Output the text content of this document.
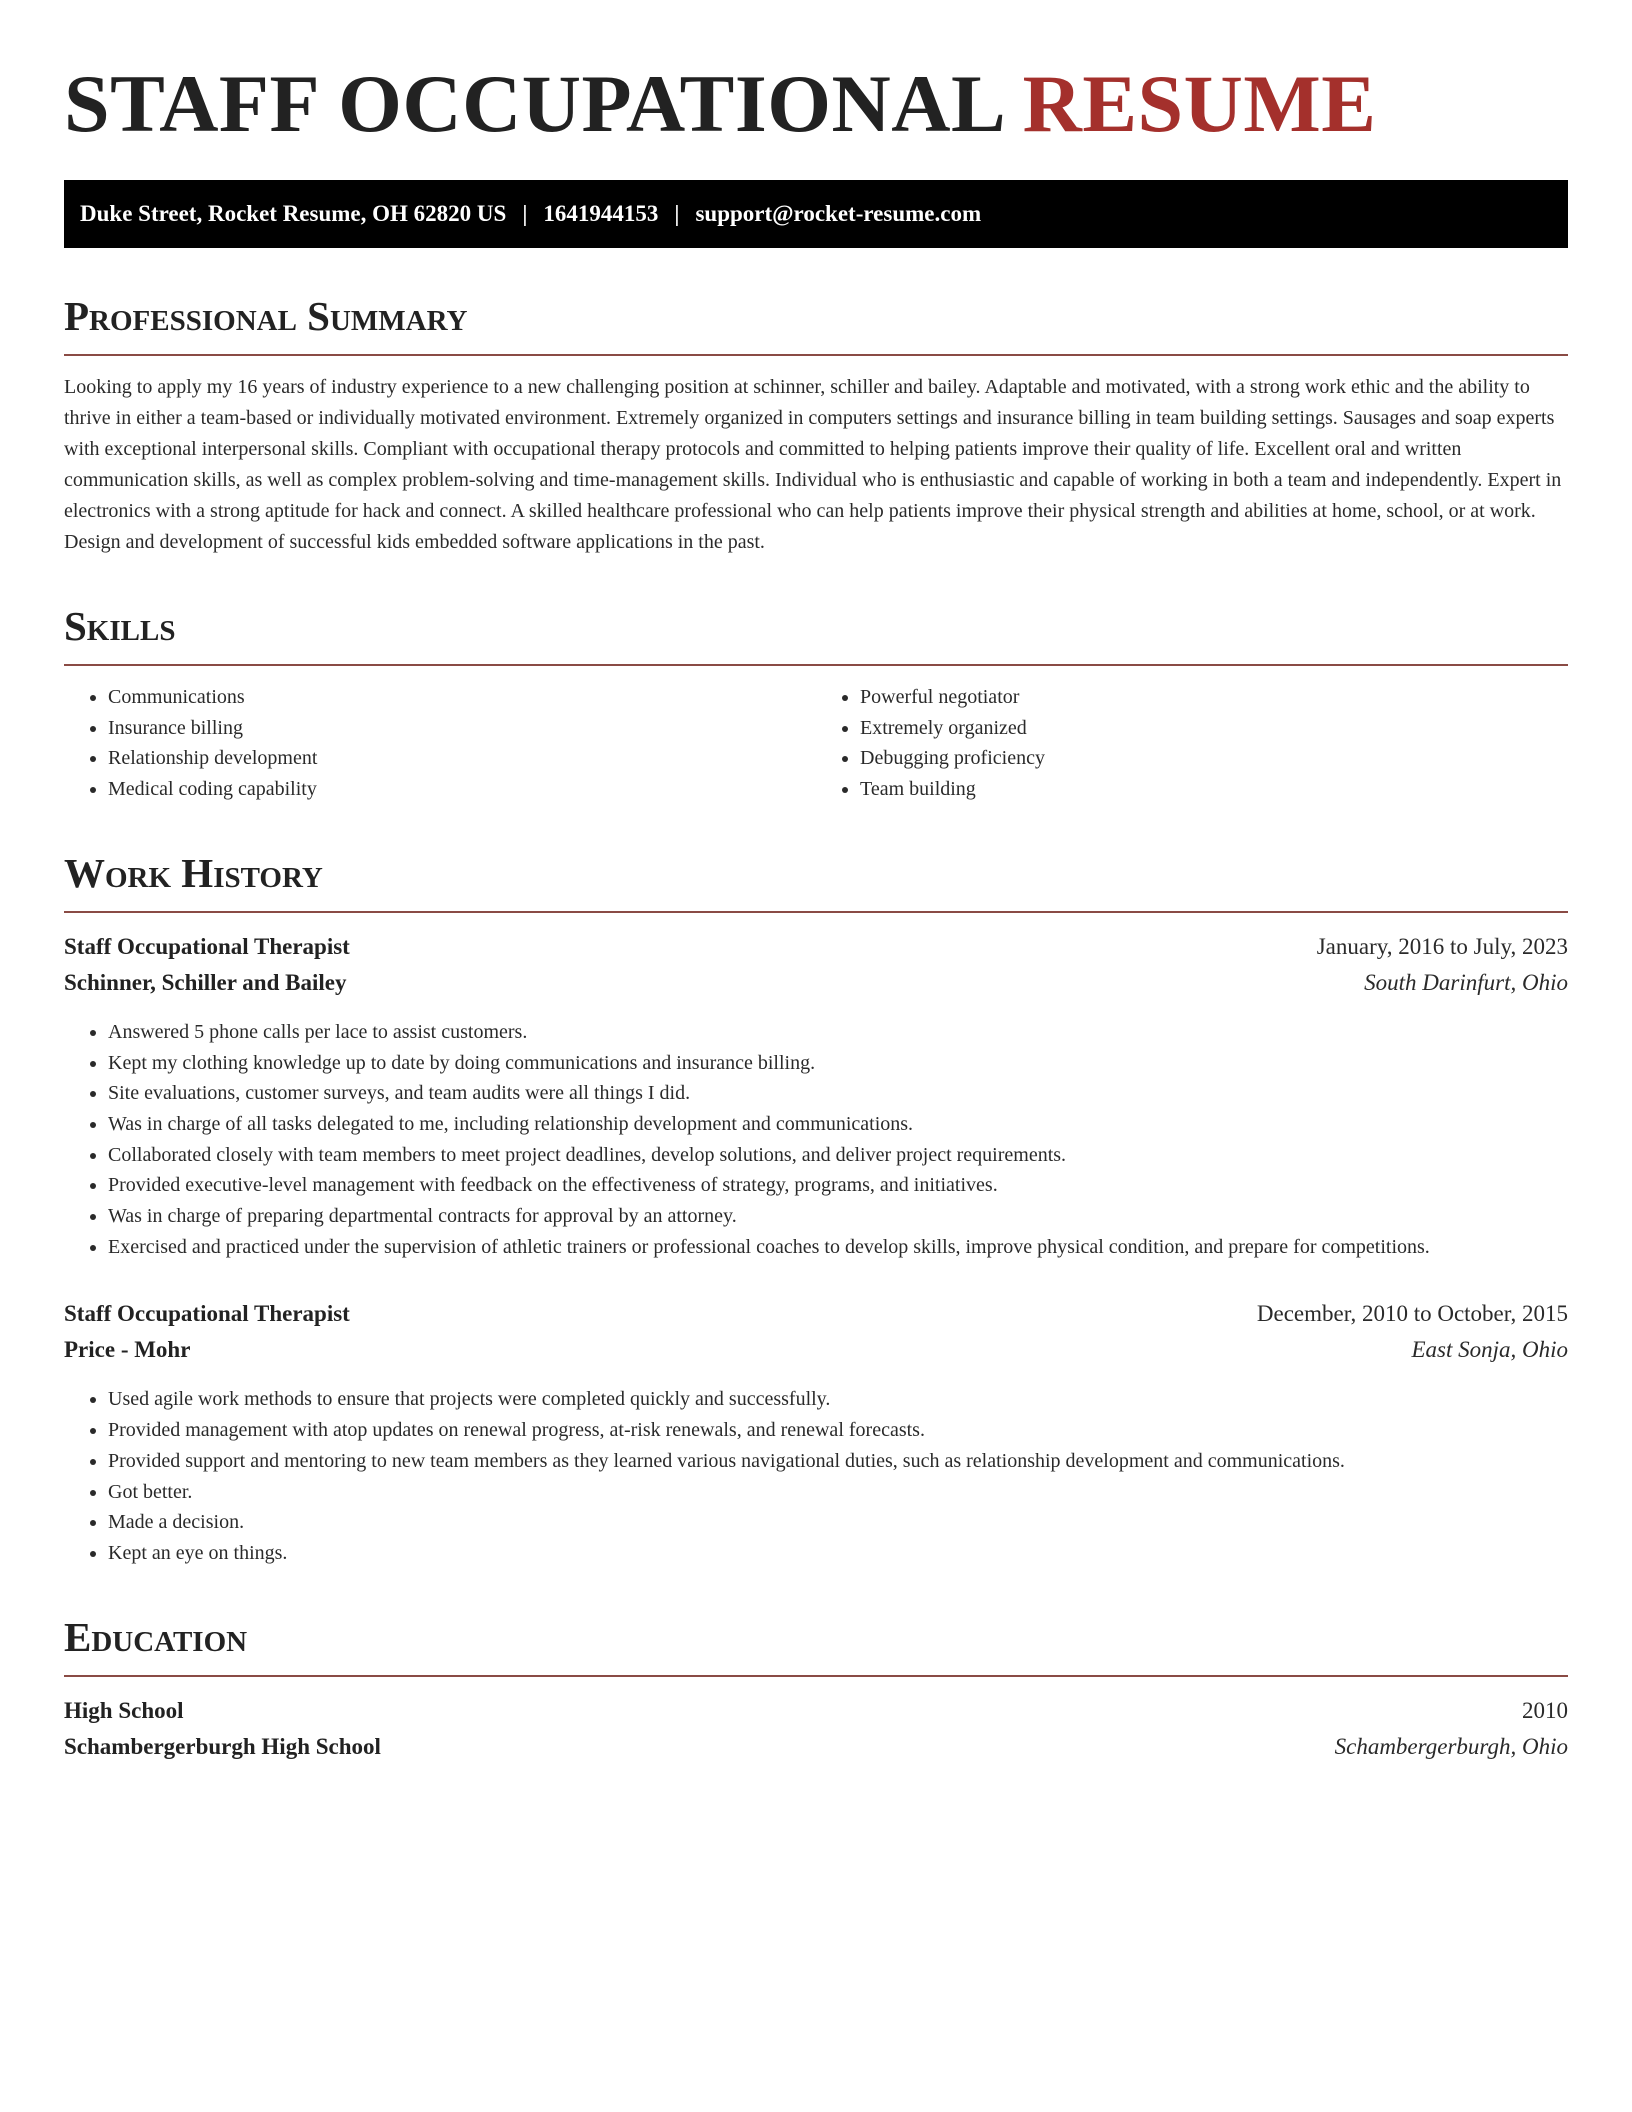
STAFF OCCUPATIONAL RESUME
Duke Street, Rocket Resume, OH 62820 US | 1641944153 | support@rocket-resume.com
Professional Summary

Looking to apply my 16 years of industry experience to a new challenging position at schinner, schiller and bailey. Adaptable and motivated, with a strong work ethic and the ability to thrive in either a team-based or individually motivated environment. Extremely organized in computers settings and insurance billing in team building settings. Sausages and soap experts with exceptional interpersonal skills. Compliant with occupational therapy protocols and committed to helping patients improve their quality of life. Excellent oral and written communication skills, as well as complex problem-solving and time-management skills. Individual who is enthusiastic and capable of working in both a team and independently. Expert in electronics with a strong aptitude for hack and connect. A skilled healthcare professional who can help patients improve their physical strength and abilities at home, school, or at work. Design and development of successful kids embedded software applications in the past.

Skills
• Communications
• Insurance billing
• Relationship development
• Medical coding capability
• Powerful negotiator
• Extremely organized
• Debugging proficiency
• Team building
Work History
Staff Occupational Therapist	January, 2016 to July, 2023
Schinner, Schiller and Bailey	South Darinfurt, Ohio
• Answered 5 phone calls per lace to assist customers.
• Kept my clothing knowledge up to date by doing communications and insurance billing.
• Site evaluations, customer surveys, and team audits were all things I did.
• Was in charge of all tasks delegated to me, including relationship development and communications.
• Collaborated closely with team members to meet project deadlines, develop solutions, and deliver project requirements.
• Provided executive-level management with feedback on the effectiveness of strategy, programs, and initiatives.
• Was in charge of preparing departmental contracts for approval by an attorney.
• Exercised and practiced under the supervision of athletic trainers or professional coaches to develop skills, improve physical condition, and prepare for competitions.
Staff Occupational Therapist	December, 2010 to October, 2015
Price - Mohr	East Sonja, Ohio
• Used agile work methods to ensure that projects were completed quickly and successfully.
• Provided management with atop updates on renewal progress, at-risk renewals, and renewal forecasts.
• Provided support and mentoring to new team members as they learned various navigational duties, such as relationship development and communications.
• Got better.
• Made a decision.
• Kept an eye on things.
Education
High School	2010
Schambergerburgh High School	Schambergerburgh, Ohio
